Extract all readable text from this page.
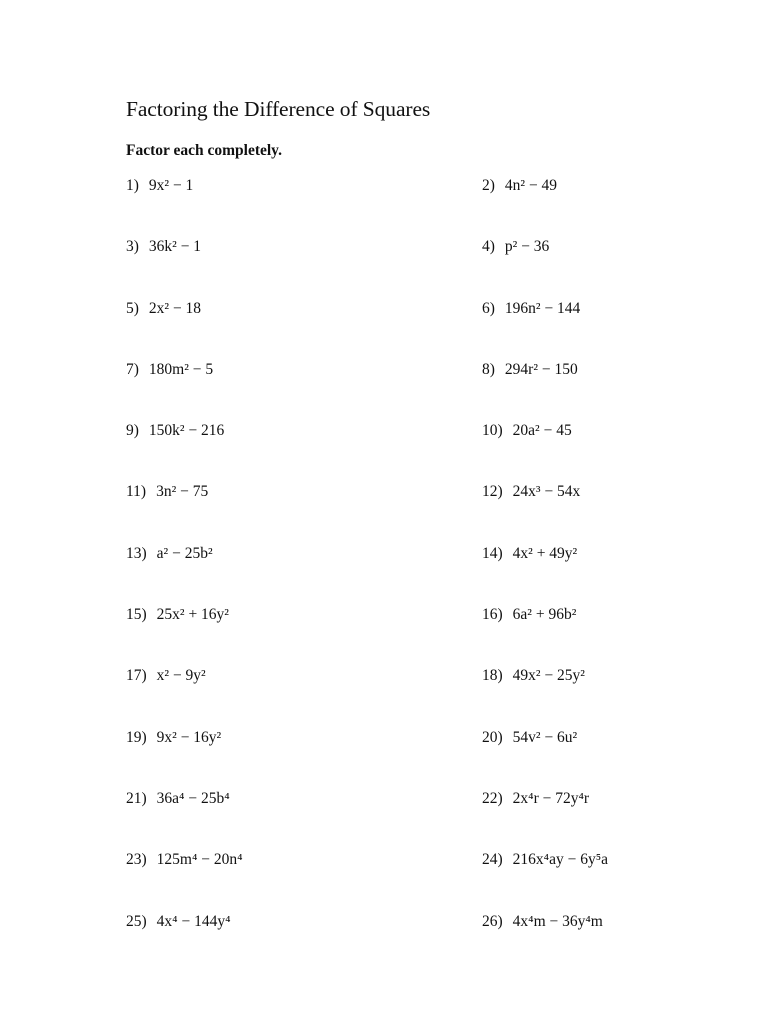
Factoring the Difference of Squares

Factor each completely.

1) 9x² − 1	2) 4n² − 49
3) 36k² − 1	4) p² − 36
5) 2x² − 18	6) 196n² − 144
7) 180m² − 5	8) 294r² − 150
9) 150k² − 216	10) 20a² − 45
11) 3n² − 75	12) 24x³ − 54x
13) a² − 25b²	14) 4x² + 49y²
15) 25x² + 16y²	16) 6a² + 96b²
17) x² − 9y²	18) 49x² − 25y²
19) 9x² − 16y²	20) 54v² − 6u²
21) 36a⁴ − 25b⁴	22) 2x⁴r − 72y⁴r
23) 125m⁴ − 20n⁴	24) 216x⁴ay − 6y⁵a
25) 4x⁴ − 144y⁴	26) 4x⁴m − 36y⁴m
